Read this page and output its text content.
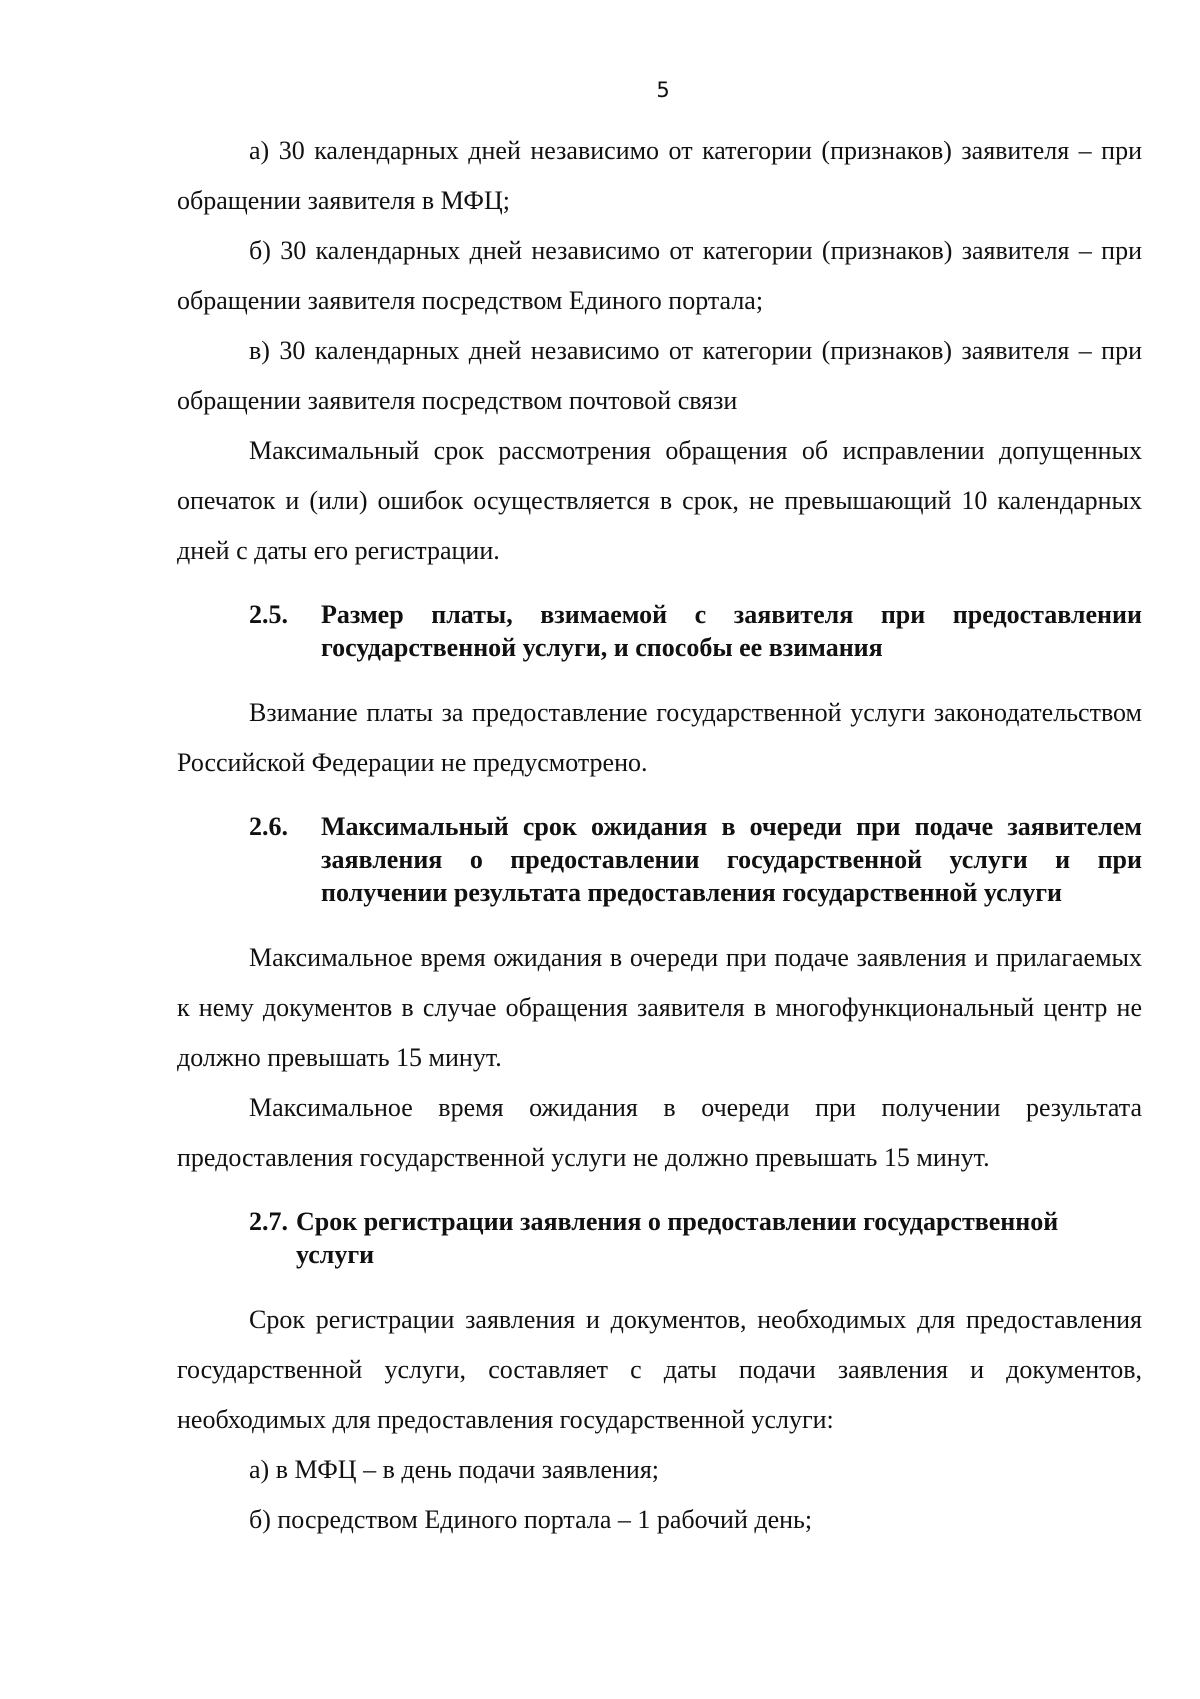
5

а) 30 календарных дней независимо от категории (признаков) заявителя – при обращении заявителя в МФЦ;

б) 30 календарных дней независимо от категории (признаков) заявителя – при обращении заявителя посредством Единого портала;

в) 30 календарных дней независимо от категории (признаков) заявителя – при обращении заявителя посредством почтовой связи

Максимальный срок рассмотрения обращения об исправлении допущенных опечаток и (или) ошибок осуществляется в срок, не превышающий 10 календарных дней с даты его регистрации.

2.5.	Размер платы, взимаемой с заявителя при предоставлении государственной услуги, и способы ее взимания

Взимание платы за предоставление государственной услуги законодательством Российской Федерации не предусмотрено.

2.6.	Максимальный срок ожидания в очереди при подаче заявителем заявления о предоставлении государственной услуги и при получении результата предоставления государственной услуги

Максимальное время ожидания в очереди при подаче заявления и прилагаемых к нему документов в случае обращения заявителя в многофункциональный центр не должно превышать 15 минут.

Максимальное время ожидания в очереди при получении результата предоставления государственной услуги не должно превышать 15 минут.

2.7. Срок регистрации заявления о предоставлении государственной услуги

Срок регистрации заявления и документов, необходимых для предоставления государственной услуги, составляет с даты подачи заявления и документов, необходимых для предоставления государственной услуги:

а) в МФЦ – в день подачи заявления;

б) посредством Единого портала – 1 рабочий день;
